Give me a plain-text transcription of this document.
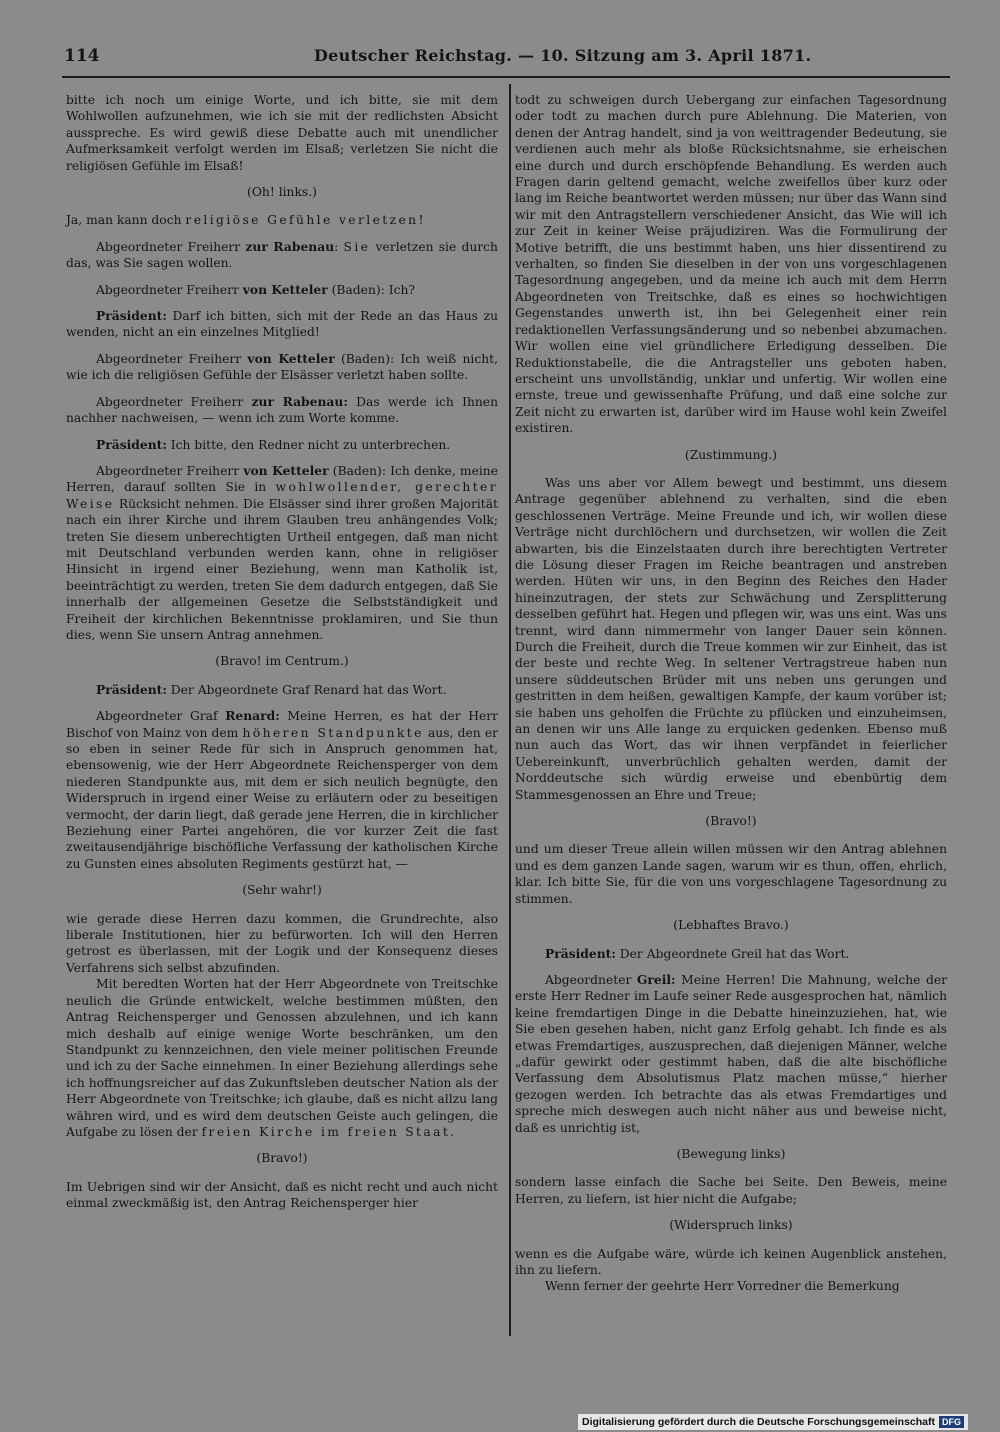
114	Deutscher Reichstag. — 10. Sitzung am 3. April 1871.

bitte ich noch um einige Worte, und ich bitte, sie mit dem Wohlwollen aufzunehmen, wie ich sie mit der redlichsten Absicht ausspreche. Es wird gewiß diese Debatte auch mit unendlicher Aufmerksamkeit verfolgt werden im Elsaß; verletzen Sie nicht die religiösen Gefühle im Elsaß!

(Oh! links.)

Ja, man kann doch religiöse Gefühle verletzen!

Abgeordneter Freiherr zur Rabenau: Sie verletzen sie durch das, was Sie sagen wollen.

Abgeordneter Freiherr von Ketteler (Baden): Ich?

Präsident: Darf ich bitten, sich mit der Rede an das Haus zu wenden, nicht an ein einzelnes Mitglied!

Abgeordneter Freiherr von Ketteler (Baden): Ich weiß nicht, wie ich die religiösen Gefühle der Elsässer verletzt haben sollte.

Abgeordneter Freiherr zur Rabenau: Das werde ich Ihnen nachher nachweisen, — wenn ich zum Worte komme.

Präsident: Ich bitte, den Redner nicht zu unterbrechen.

Abgeordneter Freiherr von Ketteler (Baden): Ich denke, meine Herren, darauf sollten Sie in wohlwollender, gerechter Weise Rücksicht nehmen. Die Elsässer sind ihrer großen Majorität nach ein ihrer Kirche und ihrem Glauben treu anhängendes Volk; treten Sie diesem unberechtigten Urtheil entgegen, daß man nicht mit Deutschland verbunden werden kann, ohne in religiöser Hinsicht in irgend einer Beziehung, wenn man Katholik ist, beeinträchtigt zu werden, treten Sie dem dadurch entgegen, daß Sie innerhalb der allgemeinen Gesetze die Selbstständigkeit und Freiheit der kirchlichen Bekenntnisse proklamiren, und Sie thun dies, wenn Sie unsern Antrag annehmen.

(Bravo! im Centrum.)

Präsident: Der Abgeordnete Graf Renard hat das Wort.

Abgeordneter Graf Renard: Meine Herren, es hat der Herr Bischof von Mainz von dem höheren Standpunkte aus, den er so eben in seiner Rede für sich in Anspruch genommen hat, ebensowenig, wie der Herr Abgeordnete Reichensperger von dem niederen Standpunkte aus, mit dem er sich neulich begnügte, den Widerspruch in irgend einer Weise zu erläutern oder zu beseitigen vermocht, der darin liegt, daß gerade jene Herren, die in kirchlicher Beziehung einer Partei angehören, die vor kurzer Zeit die fast zweitausendjährige bischöfliche Verfassung der katholischen Kirche zu Gunsten eines absoluten Regiments gestürzt hat, —

(Sehr wahr!)

wie gerade diese Herren dazu kommen, die Grundrechte, also liberale Institutionen, hier zu befürworten. Ich will den Herren getrost es überlassen, mit der Logik und der Konsequenz dieses Verfahrens sich selbst abzufinden.

Mit beredten Worten hat der Herr Abgeordnete von Treitschke neulich die Gründe entwickelt, welche bestimmen müßten, den Antrag Reichensperger und Genossen abzulehnen, und ich kann mich deshalb auf einige wenige Worte beschränken, um den Standpunkt zu kennzeichnen, den viele meiner politischen Freunde und ich zu der Sache einnehmen. In einer Beziehung allerdings sehe ich hoffnungsreicher auf das Zukunftsleben deutscher Nation als der Herr Abgeordnete von Treitschke; ich glaube, daß es nicht allzu lang währen wird, und es wird dem deutschen Geiste auch gelingen, die Aufgabe zu lösen der freien Kirche im freien Staat.

(Bravo!)

Im Uebrigen sind wir der Ansicht, daß es nicht recht und auch nicht einmal zweckmäßig ist, den Antrag Reichensperger hier

todt zu schweigen durch Uebergang zur einfachen Tagesordnung oder todt zu machen durch pure Ablehnung. Die Materien, von denen der Antrag handelt, sind ja von weittragender Bedeutung, sie verdienen auch mehr als bloße Rücksichtsnahme, sie erheischen eine durch und durch erschöpfende Behandlung. Es werden auch Fragen darin geltend gemacht, welche zweifellos über kurz oder lang im Reiche beantwortet werden müssen; nur über das Wann sind wir mit den Antragstellern verschiedener Ansicht, das Wie will ich zur Zeit in keiner Weise präjudiziren. Was die Formulirung der Motive betrifft, die uns bestimmt haben, uns hier dissentirend zu verhalten, so finden Sie dieselben in der von uns vorgeschlagenen Tagesordnung angegeben, und da meine ich auch mit dem Herrn Abgeordneten von Treitschke, daß es eines so hochwichtigen Gegenstandes unwerth ist, ihn bei Gelegenheit einer rein redaktionellen Verfassungsänderung und so nebenbei abzumachen. Wir wollen eine viel gründlichere Erledigung desselben. Die Reduktionstabelle, die die Antragsteller uns geboten haben, erscheint uns unvollständig, unklar und unfertig. Wir wollen eine ernste, treue und gewissenhafte Prüfung, und daß eine solche zur Zeit nicht zu erwarten ist, darüber wird im Hause wohl kein Zweifel existiren.

(Zustimmung.)

Was uns aber vor Allem bewegt und bestimmt, uns diesem Antrage gegenüber ablehnend zu verhalten, sind die eben geschlossenen Verträge. Meine Freunde und ich, wir wollen diese Verträge nicht durchlöchern und durchsetzen, wir wollen die Zeit abwarten, bis die Einzelstaaten durch ihre berechtigten Vertreter die Lösung dieser Fragen im Reiche beantragen und anstreben werden. Hüten wir uns, in den Beginn des Reiches den Hader hineinzutragen, der stets zur Schwächung und Zersplitterung desselben geführt hat. Hegen und pflegen wir, was uns eint. Was uns trennt, wird dann nimmermehr von langer Dauer sein können. Durch die Freiheit, durch die Treue kommen wir zur Einheit, das ist der beste und rechte Weg. In seltener Vertragstreue haben nun unsere süddeutschen Brüder mit uns neben uns gerungen und gestritten in dem heißen, gewaltigen Kampfe, der kaum vorüber ist; sie haben uns geholfen die Früchte zu pflücken und einzuheimsen, an denen wir uns Alle lange zu erquicken gedenken. Ebenso muß nun auch das Wort, das wir ihnen verpfändet in feierlicher Uebereinkunft, unverbrüchlich gehalten werden, damit der Norddeutsche sich würdig erweise und ebenbürtig dem Stammesgenossen an Ehre und Treue;

(Bravo!)

und um dieser Treue allein willen müssen wir den Antrag ablehnen und es dem ganzen Lande sagen, warum wir es thun, offen, ehrlich, klar. Ich bitte Sie, für die von uns vorgeschlagene Tagesordnung zu stimmen.

(Lebhaftes Bravo.)

Präsident: Der Abgeordnete Greil hat das Wort.

Abgeordneter Greil: Meine Herren! Die Mahnung, welche der erste Herr Redner im Laufe seiner Rede ausgesprochen hat, nämlich keine fremdartigen Dinge in die Debatte hineinzuziehen, hat, wie Sie eben gesehen haben, nicht ganz Erfolg gehabt. Ich finde es als etwas Fremdartiges, auszusprechen, daß diejenigen Männer, welche „dafür gewirkt oder gestimmt haben, daß die alte bischöfliche Verfassung dem Absolutismus Platz machen müsse,“ hierher gezogen werden. Ich betrachte das als etwas Fremdartiges und spreche mich deswegen auch nicht näher aus und beweise nicht, daß es unrichtig ist,

(Bewegung links)

sondern lasse einfach die Sache bei Seite. Den Beweis, meine Herren, zu liefern, ist hier nicht die Aufgabe;

(Widerspruch links)

wenn es die Aufgabe wäre, würde ich keinen Augenblick anstehen, ihn zu liefern.

Wenn ferner der geehrte Herr Vorredner die Bemerkung

Digitalisierung gefördert durch die Deutsche Forschungsgemeinschaft DFG
